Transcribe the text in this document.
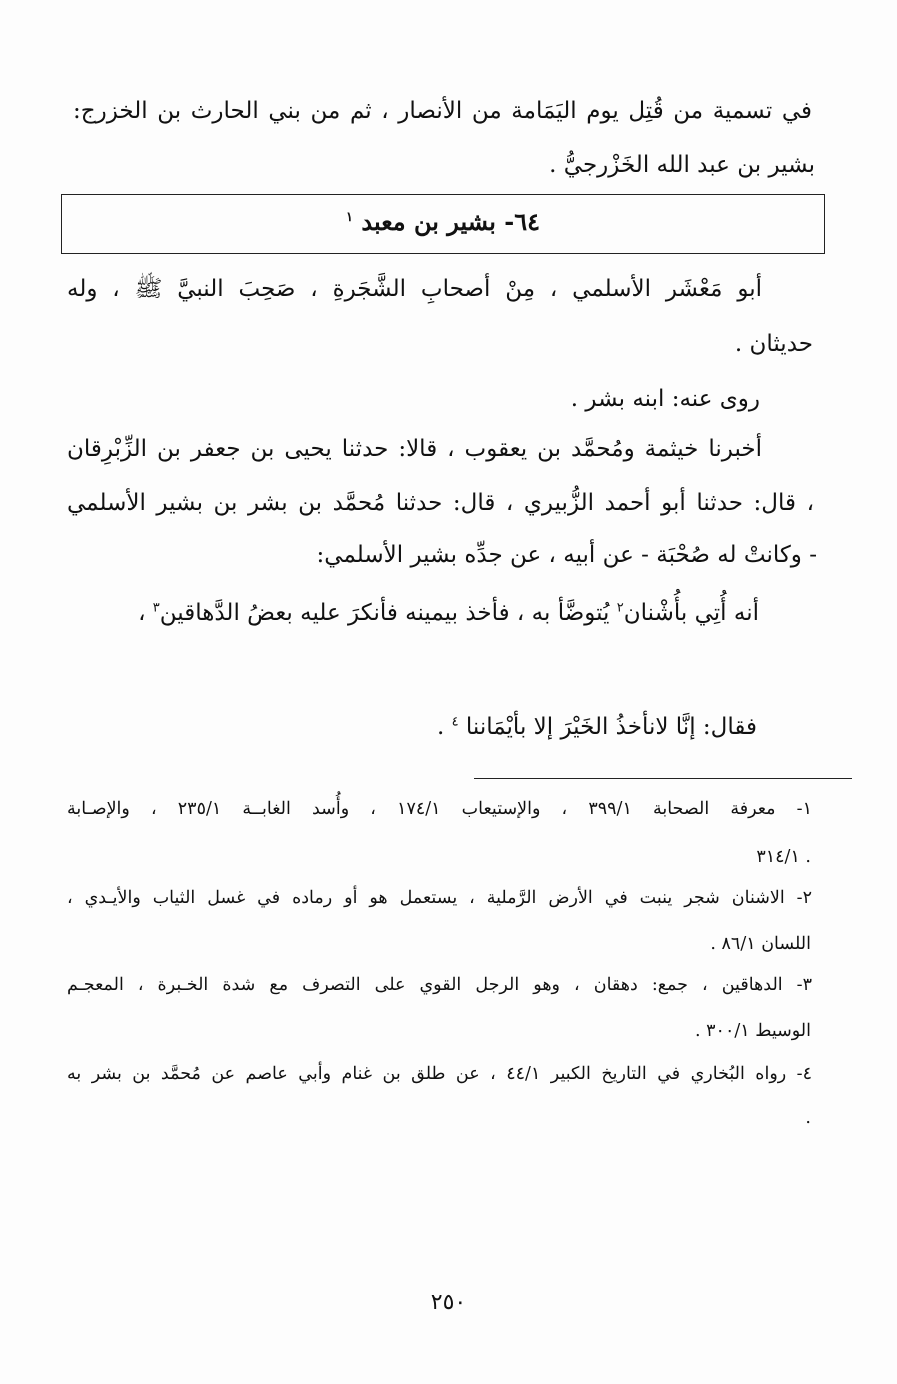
في تسمية من قُتِل يوم اليَمَامة من الأنصار ، ثم من بني الحارث بن الخزرج:
بشير بن عبد الله الخَزْرجيُّ .
٦٤- بشير بن معبد $^١$
أبو مَعْشَر الأسلمي ، مِنْ أصحابِ الشَّجَرةِ ، صَحِبَ النبيَّ ﷺ ، وله
حديثان .
روى عنه: ابنه بشر .
أخبرنا خيثمة ومُحمَّد بن يعقوب ، قالا: حدثنا يحيى بن جعفر بن الزِّبْرِقان
، قال: حدثنا أبو أحمد الزُّبيري ، قال: حدثنا مُحمَّد بن بشر بن بشير الأسلمي
- وكانتْ له صُحْبَة - عن أبيه ، عن جدِّه بشير الأسلمي:
أنه أُتِي بأُشْنان$^٢$ يُتوضَّأ به ، فأخذ بيمينه فأنكرَ عليه بعضُ الدَّهاقين$^٣$ ،
فقال: إنَّا لانأخذُ الخَيْرَ إلا بأيْمَاننا $^٤$ .
١- معرفة الصحابة ٣٩٩/١ ، والإستيعاب ١٧٤/١ ، وأُسد الغابــة ٢٣٥/١ ، والإصـابة
٣١٤/١ .
٢- الاشنان شجر ينبت في الأرض الرَّملية ، يستعمل هو أو رماده في غسل الثياب والأيـدي ،
اللسان ٨٦/١ .
٣- الدهاقين ، جمع: دهقان ، وهو الرجل القوي على التصرف مع شدة الخـبرة ، المعجـم
الوسيط ٣٠٠/١ .
٤- رواه البُخاري في التاريخ الكبير ٤٤/١ ، عن طلق بن غنام وأبي عاصم عن مُحمَّد بن بشر به
.
٢٥٠
